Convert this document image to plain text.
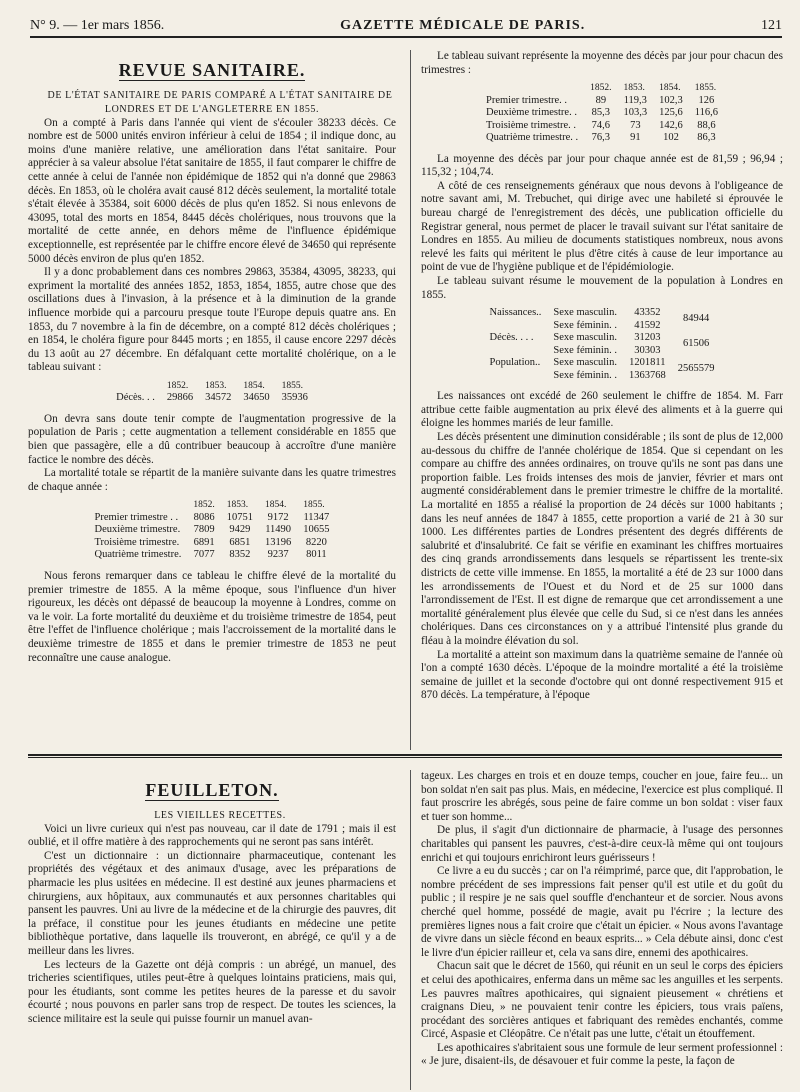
N° 9. — 1er mars 1856.	GAZETTE MÉDICALE DE PARIS.	121
REVUE SANITAIRE.

DE L'ÉTAT SANITAIRE DE PARIS COMPARÉ A L'ÉTAT SANITAIRE DE LONDRES ET DE L'ANGLETERRE EN 1855.

On a compté à Paris dans l'année qui vient de s'écouler 38233 décès. Ce nombre est de 5000 unités environ inférieur à celui de 1854 ; il indique donc, au moins d'une manière relative, une amélioration dans l'état sanitaire. Pour apprécier à sa valeur absolue l'état sanitaire de 1855, il faut comparer le chiffre de cette année à celui de l'année non épidémique de 1852 qui n'a donné que 29863 décès. En 1853, où le choléra avait causé 812 décès seulement, la mortalité totale s'était élevée à 35384, soit 6000 décès de plus qu'en 1852. Si nous enlevons de 43095, total des morts en 1854, 8445 décès cholériques, nous trouvons que la mortalité de cette année, en dehors même de l'influence épidémique exceptionnelle, est représentée par le chiffre encore élevé de 34650 qui représente 5000 décès environ de plus qu'en 1852.

Il y a donc probablement dans ces nombres 29863, 35384, 43095, 38233, qui expriment la mortalité des années 1852, 1853, 1854, 1855, autre chose que des oscillations dues à l'invasion, à la présence et à la diminution de la grande influence morbide qui a parcouru presque toute l'Europe depuis quatre ans. En 1853, du 7 novembre à la fin de décembre, on a compté 812 décès cholériques ; en 1854, le choléra figure pour 8445 morts ; en 1855, il cause encore 2297 décès du 13 août au 27 décembre. En défalquant cette mortalité cholérique, on a le tableau suivant :

	1852.	1853.	1854.	1855.
Décès. . .	29866	34572	34650	35936

On devra sans doute tenir compte de l'augmentation progressive de la population de Paris ; cette augmentation a tellement considérable en 1855 que bien que passagère, elle a dû contribuer beaucoup à accroître d'une manière factice le nombre des décès.

La mortalité totale se répartit de la manière suivante dans les quatre trimestres de chaque année :

	1852.	1853.	1854.	1855.
Premier trimestre . .	8086	10751	9172	11347
Deuxième trimestre.	7809	9429	11490	10655
Troisième trimestre.	6891	6851	13196	8220
Quatrième trimestre.	7077	8352	9237	8011

Nous ferons remarquer dans ce tableau le chiffre élevé de la mortalité du premier trimestre de 1855. A la même époque, sous l'influence d'un hiver rigoureux, les décès ont dépassé de beaucoup la moyenne à Londres, comme on va le voir. La forte mortalité du deuxième et du troisième trimestre de 1854, peut être l'effet de l'influence cholérique ; mais l'accroissement de la mortalité dans le deuxième trimestre de 1855 et dans le premier trimestre de 1853 ne peut reconnaître une cause analogue.

Le tableau suivant représente la moyenne des décès par jour pour chacun des trimestres :

	1852.	1853.	1854.	1855.
Premier trimestre. .	89	119,3	102,3	126
Deuxième trimestre. .	85,3	103,3	125,6	116,6
Troisième trimestre. .	74,6	73	142,6	88,6
Quatrième trimestre. .	76,3	91	102	86,3

La moyenne des décès par jour pour chaque année est de 81,59 ; 96,94 ; 115,32 ; 104,74.

A côté de ces renseignements généraux que nous devons à l'obligeance de notre savant ami, M. Trebuchet, qui dirige avec une habileté si éprouvée le bureau chargé de l'enregistrement des décès, une publication officielle du Registrar general, nous permet de placer le travail suivant sur l'état sanitaire de Londres en 1855. Au milieu de documents statistiques nombreux, nous avons relevé les faits qui méritent le plus d'être cités à cause de leur importance au point de vue de l'hygiène publique et de l'épidémiologie.

Le tableau suivant résume le mouvement de la population à Londres en 1855.

Naissances..	Sexe masculin.	43352	84944
	Sexe féminin. .	41592	
Décès. . . .	Sexe masculin.	31203	61506
	Sexe féminin. .	30303	
Population..	Sexe masculin.	1201811	2565579
	Sexe féminin. .	1363768	

Les naissances ont excédé de 260 seulement le chiffre de 1854. M. Farr attribue cette faible augmentation au prix élevé des aliments et à la guerre qui éloigne les hommes mariés de leur famille.

Les décès présentent une diminution considérable ; ils sont de plus de 12,000 au-dessous du chiffre de l'année cholérique de 1854. Que si cependant on les compare au chiffre des années ordinaires, on trouve qu'ils ne sont pas dans une proportion faible. Les froids intenses des mois de janvier, février et mars ont augmenté considérablement dans le premier trimestre le chiffre de la mortalité. La mortalité en 1855 a réalisé la proportion de 24 décès sur 1000 habitants ; dans les neuf années de 1847 à 1855, cette proportion a varié de 21 à 30 sur 1000. Les différentes parties de Londres présentent des degrés différents de salubrité et d'insalubrité. Ce fait se vérifie en examinant les chiffres mortuaires des cinq grands arrondissements dans lesquels se répartissent les trente-six districts de cette ville immense. En 1855, la mortalité a été de 23 sur 1000 dans les arrondissements de l'Ouest et du Nord et de 25 sur 1000 dans l'arrondissement de l'Est. Il est digne de remarque que cet arrondissement a une mortalité généralement plus élevée que celle du Sud, si ce n'est dans les années cholériques. Dans ces circonstances on y a attribué l'intensité plus grande du fléau à la moindre élévation du sol.

La mortalité a atteint son maximum dans la quatrième semaine de l'année où l'on a compté 1630 décès. L'époque de la moindre mortalité a été la troisième semaine de juillet et la seconde d'octobre qui ont donné respectivement 915 et 870 décès. La température, à l'époque

FEUILLETON.

LES VIEILLES RECETTES.

Voici un livre curieux qui n'est pas nouveau, car il date de 1791 ; mais il est oublié, et il offre matière à des rapprochements qui ne seront pas sans intérêt.

C'est un dictionnaire : un dictionnaire pharmaceutique, contenant les propriétés des végétaux et des animaux d'usage, avec les préparations de pharmacie les plus usitées en médecine. Il est destiné aux jeunes pharmaciens et chirurgiens, aux hôpitaux, aux communautés et aux personnes charitables qui pansent les pauvres. Uni au livre de la médecine et de la chirurgie des pauvres, dit la préface, il constitue pour les jeunes étudiants en médecine une petite bibliothèque portative, dans laquelle ils trouveront, en abrégé, ce qu'il y a de meilleur dans les livres.

Les lecteurs de la Gazette ont déjà compris : un abrégé, un manuel, des tricheries scientifiques, utiles peut-être à quelques lointains praticiens, mais qui, pour les étudiants, sont comme les petites heures de la paresse et du savoir écourté ; nous pouvons en parler sans trop de respect. De toutes les sciences, la science militaire est la seule qui puisse fournir un manuel avan-

tageux. Les charges en trois et en douze temps, coucher en joue, faire feu... un bon soldat n'en sait pas plus. Mais, en médecine, l'exercice est plus compliqué. Il faut proscrire les abrégés, sous peine de faire comme un bon soldat : viser faux et tuer son homme...

De plus, il s'agit d'un dictionnaire de pharmacie, à l'usage des personnes charitables qui pansent les pauvres, c'est-à-dire ceux-là même qui ont toujours enrichi et qui toujours enrichiront leurs guérisseurs !

Ce livre a eu du succès ; car on l'a réimprimé, parce que, dit l'approbation, le nombre précédent de ses impressions fait penser qu'il est utile et du goût du public ; il respire je ne sais quel souffle d'enchanteur et de sorcier. Nous avons cherché quel homme, possédé de magie, avait pu l'écrire ; la lecture des premières lignes nous a fait croire que c'était un épicier. « Nous avons l'avantage de vivre dans un siècle fécond en beaux esprits... » Cela débute ainsi, donc c'est le livre d'un épicier railleur et, cela va sans dire, ennemi des apothicaires.

Chacun sait que le décret de 1560, qui réunit en un seul le corps des épiciers et celui des apothicaires, enferma dans un même sac les anguilles et les serpents. Les pauvres maîtres apothicaires, qui signaient pieusement « chrétiens et craignans Dieu, » ne pouvaient tenir contre les épiciers, tous vrais païens, procédant des sorcières antiques et fabriquant des remèdes enchantés, comme Circé, Aspasie et Cléopâtre. Ce n'était pas une lutte, c'était un étouffement.

Les apothicaires s'abritaient sous une formule de leur serment professionnel : « Je jure, disaient-ils, de désavouer et fuir comme la peste, la façon de
